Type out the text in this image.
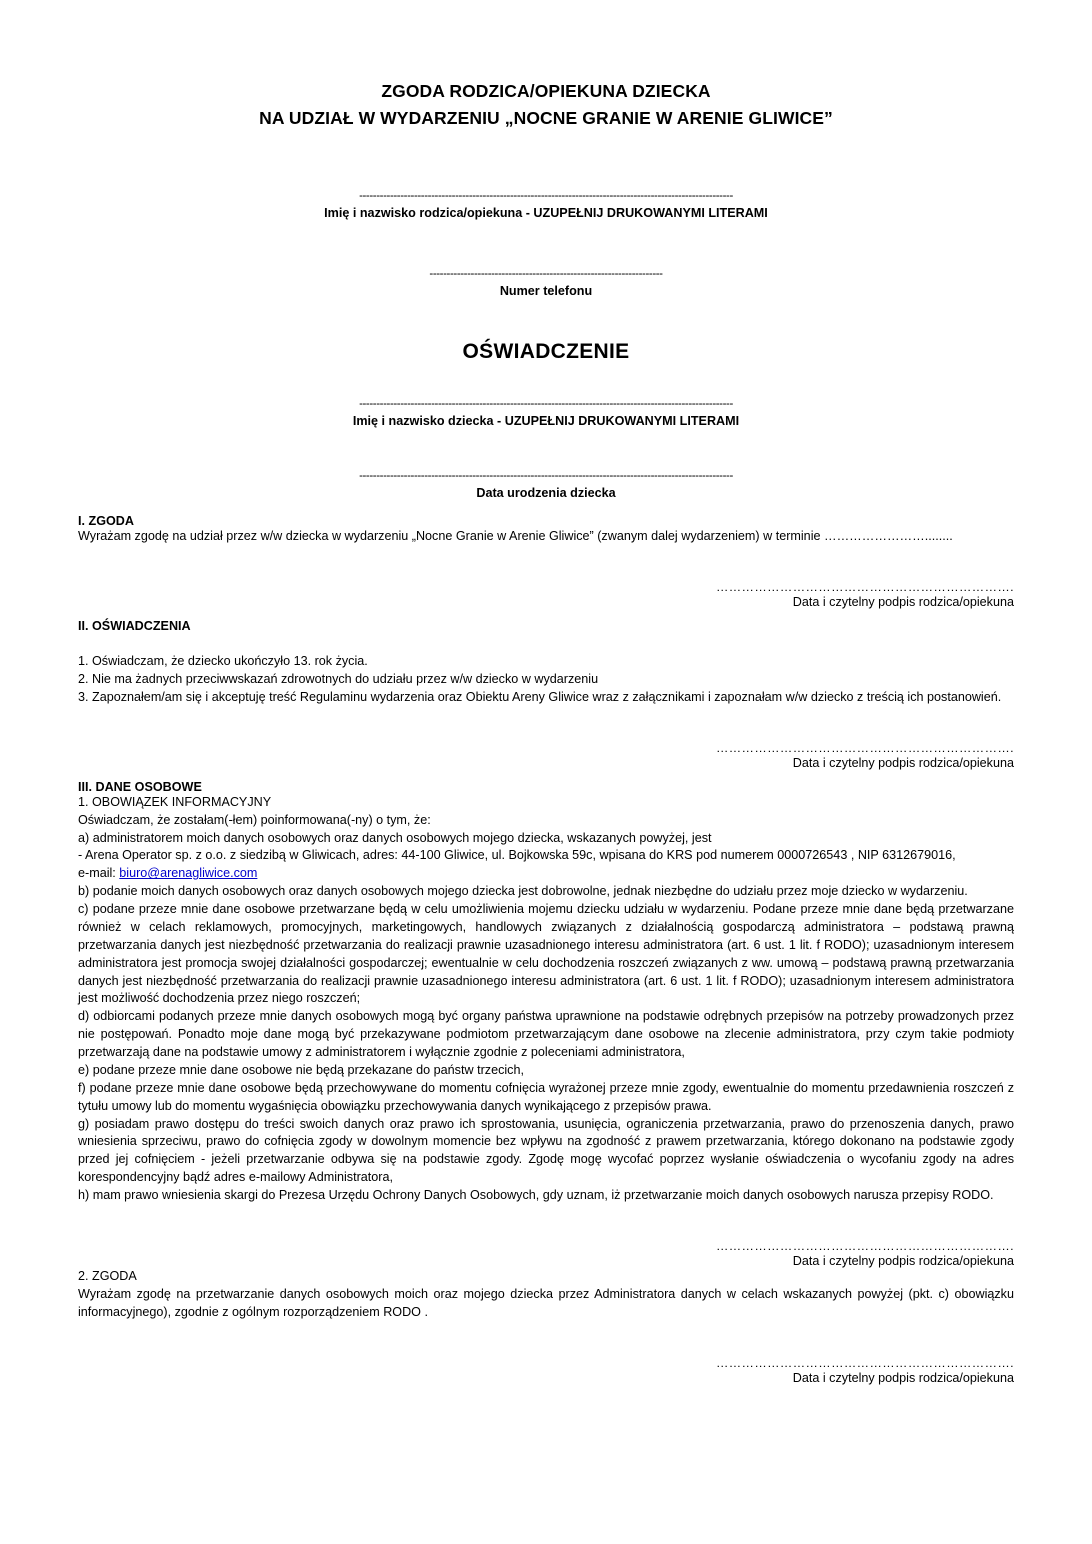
ZGODA RODZICA/OPIEKUNA DZIECKA
NA UDZIAŁ W WYDARZENIU „NOCNE GRANIE W ARENIE GLIWICE”
-------------------------------------------------------------------------------------------------------------
Imię i nazwisko rodzica/opiekuna - UZUPEŁNIJ DRUKOWANYMI LITERAMI
--------------------------------------------------------------------
Numer telefonu
OŚWIADCZENIE
-------------------------------------------------------------------------------------------------------------
Imię i nazwisko dziecka - UZUPEŁNIJ DRUKOWANYMI LITERAMI
-------------------------------------------------------------------------------------------------------------
Data urodzenia dziecka
I. ZGODA

Wyrażam zgodę na udział przez w/w dziecka w wydarzeniu „Nocne Granie w Arenie Gliwice” (zwanym dalej wydarzeniem) w terminie ……………………........

…………………………………………………………….
Data i czytelny podpis rodzica/opiekuna
II. OŚWIADCZENIA

1. Oświadczam, że dziecko ukończyło 13. rok życia.

2. Nie ma żadnych przeciwwskazań zdrowotnych do udziału przez w/w dziecko w wydarzeniu

3. Zapoznałem/am się i akceptuję treść Regulaminu wydarzenia oraz Obiektu Areny Gliwice wraz z załącznikami i zapoznałam w/w dziecko z treścią ich postanowień.

…………………………………………………………….
Data i czytelny podpis rodzica/opiekuna
III. DANE OSOBOWE

1. OBOWIĄZEK INFORMACYJNY

Oświadczam, że zostałam(-łem) poinformowana(-ny) o tym, że:

a) administratorem moich danych osobowych oraz danych osobowych mojego dziecka, wskazanych powyżej, jest

- Arena Operator sp. z o.o. z siedzibą w Gliwicach, adres: 44-100 Gliwice, ul. Bojkowska 59c, wpisana do KRS pod numerem 0000726543 , NIP 6312679016,

e-mail: biuro@arenagliwice.com

b) podanie moich danych osobowych oraz danych osobowych mojego dziecka jest dobrowolne, jednak niezbędne do udziału przez moje dziecko w wydarzeniu.

c) podane przeze mnie dane osobowe przetwarzane będą w celu umożliwienia mojemu dziecku udziału w wydarzeniu. Podane przeze mnie dane będą przetwarzane również w celach reklamowych, promocyjnych, marketingowych, handlowych związanych z działalnością gospodarczą administratora – podstawą prawną przetwarzania danych jest niezbędność przetwarzania do realizacji prawnie uzasadnionego interesu administratora (art. 6 ust. 1 lit. f RODO); uzasadnionym interesem administratora jest promocja swojej działalności gospodarczej; ewentualnie w celu dochodzenia roszczeń związanych z ww. umową – podstawą prawną przetwarzania danych jest niezbędność przetwarzania do realizacji prawnie uzasadnionego interesu administratora (art. 6 ust. 1 lit. f RODO); uzasadnionym interesem administratora jest możliwość dochodzenia przez niego roszczeń;

d) odbiorcami podanych przeze mnie danych osobowych mogą być organy państwa uprawnione na podstawie odrębnych przepisów na potrzeby prowadzonych przez nie postępowań. Ponadto moje dane mogą być przekazywane podmiotom przetwarzającym dane osobowe na zlecenie administratora, przy czym takie podmioty przetwarzają dane na podstawie umowy z administratorem i wyłącznie zgodnie z poleceniami administratora,

e) podane przeze mnie dane osobowe nie będą przekazane do państw trzecich,

f) podane przeze mnie dane osobowe będą przechowywane do momentu cofnięcia wyrażonej przeze mnie zgody, ewentualnie do momentu przedawnienia roszczeń z tytułu umowy lub do momentu wygaśnięcia obowiązku przechowywania danych wynikającego z przepisów prawa.

g) posiadam prawo dostępu do treści swoich danych oraz prawo ich sprostowania, usunięcia, ograniczenia przetwarzania, prawo do przenoszenia danych, prawo wniesienia sprzeciwu, prawo do cofnięcia zgody w dowolnym momencie bez wpływu na zgodność z prawem przetwarzania, którego dokonano na podstawie zgody przed jej cofnięciem - jeżeli przetwarzanie odbywa się na podstawie zgody. Zgodę mogę wycofać poprzez wysłanie oświadczenia o wycofaniu zgody na adres korespondencyjny bądź adres e-mailowy Administratora,

h) mam prawo wniesienia skargi do Prezesa Urzędu Ochrony Danych Osobowych, gdy uznam, iż przetwarzanie moich danych osobowych narusza przepisy RODO.

…………………………………………………………….
Data i czytelny podpis rodzica/opiekuna

2. ZGODA

Wyrażam zgodę na przetwarzanie danych osobowych moich oraz mojego dziecka przez Administratora danych w celach wskazanych powyżej (pkt. c) obowiązku informacyjnego), zgodnie z ogólnym rozporządzeniem RODO .

…………………………………………………………….
Data i czytelny podpis rodzica/opiekuna
